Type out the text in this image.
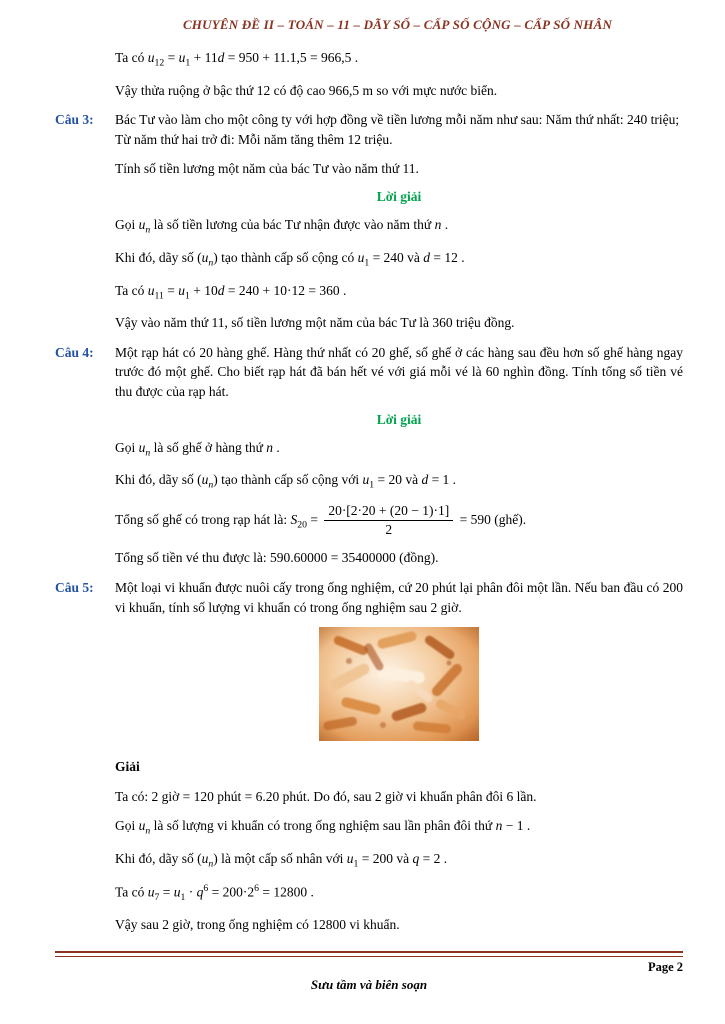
CHUYÊN ĐỀ II – TOÁN – 11 – DÃY SỐ – CẤP SỐ CỘNG – CẤP SỐ NHÂN
Ta có $u_{12} = u_1 + 11d = 950 + 11.1,5 = 966,5$ .
Vậy thửa ruộng ở bậc thứ 12 có độ cao 966,5 m so với mực nước biển.
Câu 3: Bác Tư vào làm cho một công ty với hợp đồng về tiền lương mỗi năm như sau: Năm thứ nhất: 240 triệu;
Từ năm thứ hai trở đi: Mỗi năm tăng thêm 12 triệu.
Tính số tiền lương một năm của bác Tư vào năm thứ 11.
Lời giải
Gọi $u_n$ là số tiền lương của bác Tư nhận được vào năm thứ n .
Khi đó, dãy số $(u_n)$ tạo thành cấp số cộng có $u_1 = 240$ và d = 12 .
Ta có $u_{11} = u_1 + 10d = 240 + 10\cdot 12 = 360$ .
Vậy vào năm thứ 11, số tiền lương một năm của bác Tư là 360 triệu đồng.
Câu 4: Một rạp hát có 20 hàng ghế. Hàng thứ nhất có 20 ghế, số ghế ở các hàng sau đều hơn số ghế hàng ngay trước đó một ghế. Cho biết rạp hát đã bán hết vé với giá mỗi vé là 60 nghìn đồng. Tính tổng số tiền vé thu được của rạp hát.
Lời giải
Gọi $u_n$ là số ghế ở hàng thứ n .
Khi đó, dãy số $(u_n)$ tạo thành cấp số cộng với $u_1 = 20$ và d = 1 .
Tổng số ghế có trong rạp hát là: $S_{20} = \frac{20\cdot[2\cdot 20 + (20 - 1)\cdot 1]}{2} = 590$ (ghế).
Tổng số tiền vé thu được là: 590.60000 = 35400000 (đồng).
Câu 5: Một loại vi khuẩn được nuôi cấy trong ống nghiệm, cứ 20 phút lại phân đôi một lần. Nếu ban đầu có 200 vi khuẩn, tính số lượng vi khuẩn có trong ống nghiệm sau 2 giờ.
Giải
Ta có: 2 giờ = 120 phút = 6.20 phút. Do đó, sau 2 giờ vi khuẩn phân đôi 6 lần.
Gọi $u_n$ là số lượng vi khuẩn có trong ống nghiệm sau lần phân đôi thứ n − 1 .
Khi đó, dãy số $(u_n)$ là một cấp số nhân với $u_1 = 200$ và q = 2 .
Ta có $u_7 = u_1 \cdot q^6 = 200\cdot 2^6 = 12800$ .
Vậy sau 2 giờ, trong ống nghiệm có 12800 vi khuẩn.
Page 2
Sưu tầm và biên soạn
